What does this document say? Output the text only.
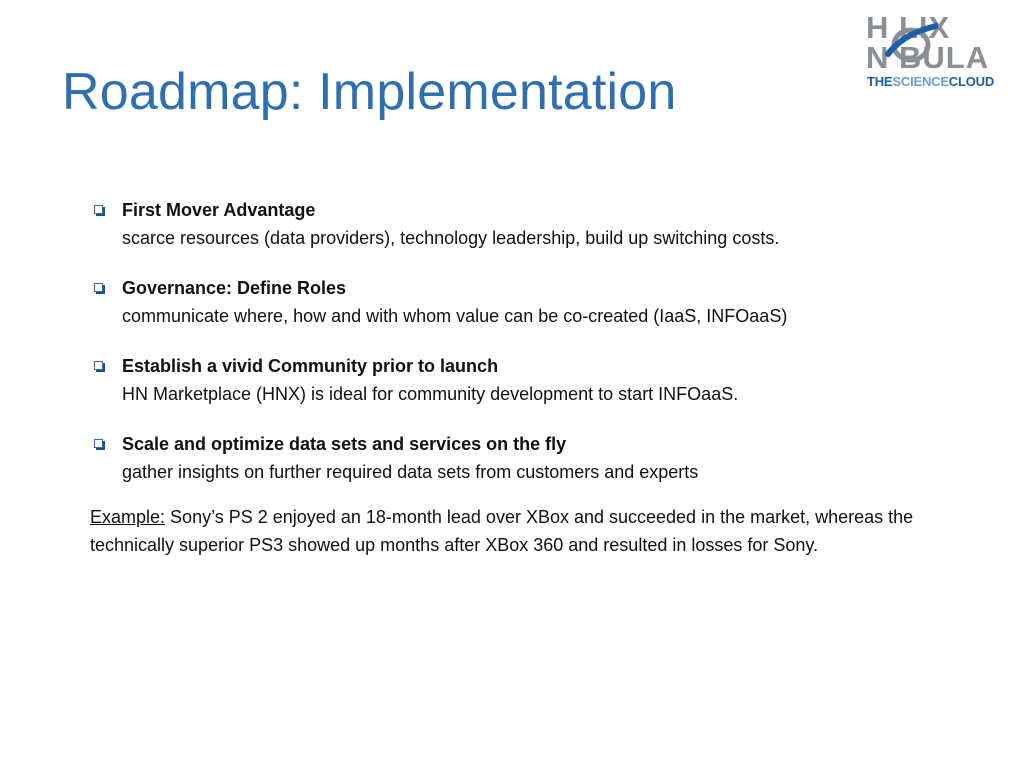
Roadmap: Implementation
H LIX
N BULA
THESCIENCECLOUD
First Mover Advantage
scarce resources (data providers), technology leadership, build up switching costs.
Governance: Define Roles
communicate where, how and with whom value can be co-created (IaaS, INFOaaS)
Establish a vivid Community prior to launch
HN Marketplace (HNX) is ideal for community development to start INFOaaS.
Scale and optimize data sets and services on the fly
gather insights on further required data sets from customers and experts

Example: Sony’s PS 2 enjoyed an 18-month lead over XBox and succeeded in the market, whereas the technically superior PS3 showed up months after XBox 360 and resulted in losses for Sony.
